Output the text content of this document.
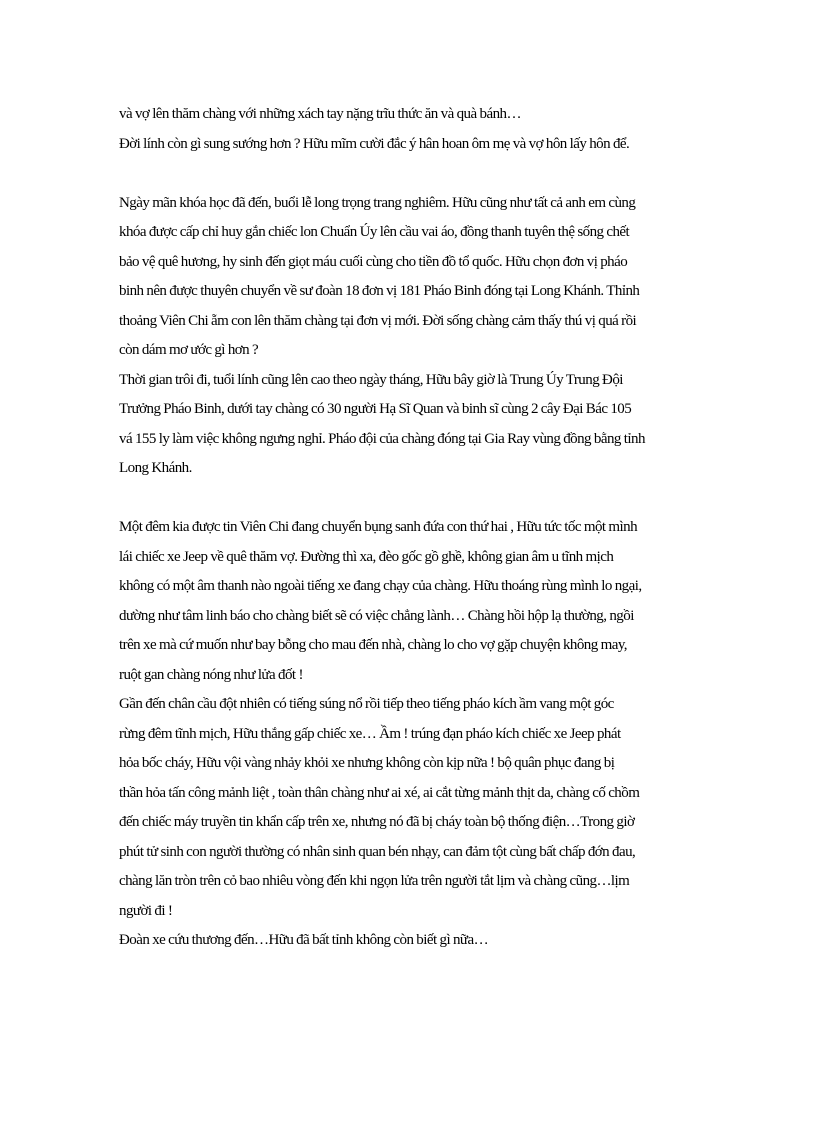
và vợ lên thăm chàng với những xách tay nặng trĩu thức ăn và quà bánh…
Đời lính còn gì sung sướng hơn ? Hữu mĩm cười đắc ý hân hoan ôm mẹ và vợ hôn lấy hôn để.
Ngày mãn khóa học đã đến, buổi lễ long trọng trang nghiêm. Hữu cũng như tất cả anh em cùng
khóa được cấp chỉ huy gắn chiếc lon Chuẩn Úy lên cầu vai áo, đồng thanh tuyên thệ sống chết
bảo vệ quê hương, hy sinh đến giọt máu cuối cùng cho tiền đồ tổ quốc. Hữu chọn đơn vị pháo
binh nên được thuyên chuyển về sư đoàn 18 đơn vị 181 Pháo Binh đóng tại Long Khánh. Thỉnh
thoảng Viên Chi ẵm con lên thăm chàng tại đơn vị mới. Đời sống chàng cảm thấy thú vị quá rồi
còn dám mơ ước gì hơn ?
Thời gian trôi đi, tuổi lính cũng lên cao theo ngày tháng, Hữu bây giờ là Trung Úy Trung Đội
Trưởng Pháo Binh, dưới tay chàng có 30 người Hạ Sĩ Quan và binh sĩ cùng 2 cây Đại Bác 105
vá 155 ly làm việc không ngưng nghỉ. Pháo đội của chàng đóng tại Gia Ray vùng đồng bằng tỉnh
Long Khánh.
Một đêm kia được tin Viên Chi đang chuyển bụng sanh đứa con thứ hai , Hữu tức tốc một mình
lái chiếc xe Jeep về quê thăm vợ. Đường thì xa, đèo gốc gồ ghề, không gian âm u tĩnh mịch
không có một âm thanh nào ngoài tiếng xe đang chạy của chàng. Hữu thoáng rùng mình lo ngại,
dường như tâm linh báo cho chàng biết sẽ có việc chẳng lành… Chàng hồi hộp lạ thường, ngồi
trên xe mà cứ muốn như bay bỗng cho mau đến nhà, chàng lo cho vợ gặp chuyện không may,
ruột gan chàng nóng như lửa đốt !
Gần đến chân cầu đột nhiên có tiếng súng nổ rồi tiếp theo tiếng pháo kích ầm vang một góc
rừng đêm tĩnh mịch, Hữu thắng gấp chiếc xe… Ầm ! trúng đạn pháo kích chiếc xe Jeep phát
hỏa bốc cháy, Hữu vội vàng nhảy khỏi xe nhưng không còn kịp nữa ! bộ quân phục đang bị
thần hỏa tấn công mảnh liệt , toàn thân chàng như ai xé, ai cắt từng mảnh thịt da, chàng cố chồm
đến chiếc máy truyền tin khẩn cấp trên xe, nhưng nó đã bị cháy toàn bộ thống điện…Trong giờ
phút tử sinh con người thường có nhân sinh quan bén nhạy, can đảm tột cùng bất chấp đớn đau,
chàng lăn tròn trên cỏ bao nhiêu vòng đến khi ngọn lửa trên người tắt lịm và chàng cũng…lịm
người đi !
Đoàn xe cứu thương đến…Hữu đã bất tỉnh không còn biết gì nữa…
